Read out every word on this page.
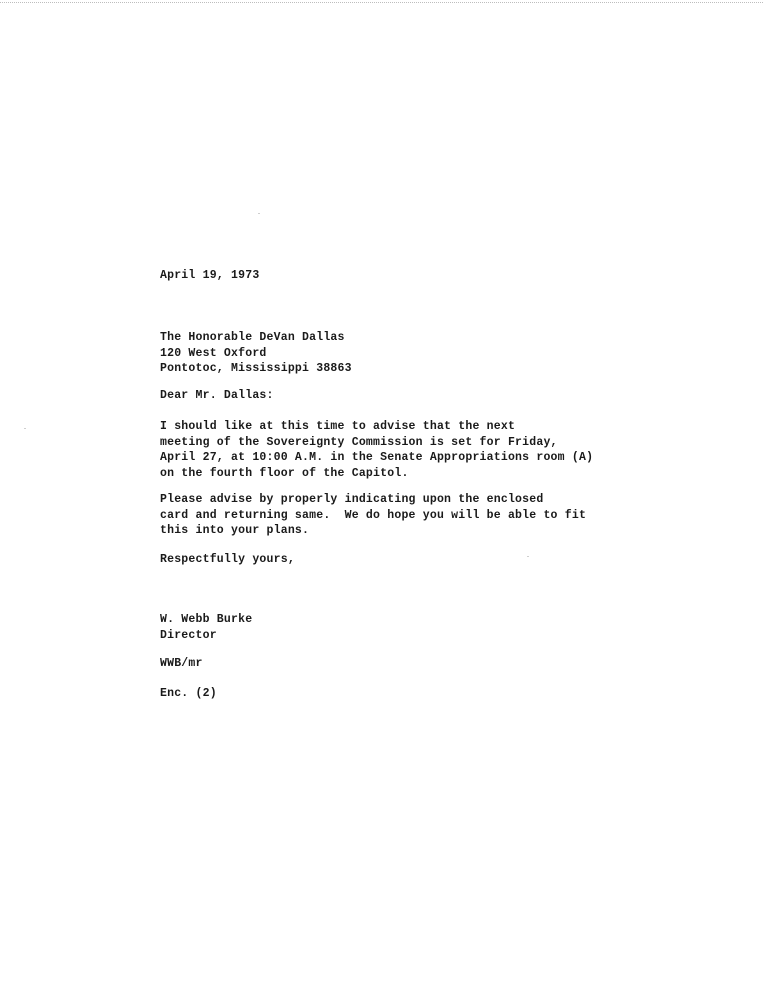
April 19, 1973
The Honorable DeVan Dallas
120 West Oxford
Pontotoc, Mississippi 38863
Dear Mr. Dallas:
I should like at this time to advise that the next
meeting of the Sovereignty Commission is set for Friday,
April 27, at 10:00 A.M. in the Senate Appropriations room (A)
on the fourth floor of the Capitol.
Please advise by properly indicating upon the enclosed
card and returning same.  We do hope you will be able to fit
this into your plans.
Respectfully yours,
W. Webb Burke
Director
WWB/mr
Enc. (2)
